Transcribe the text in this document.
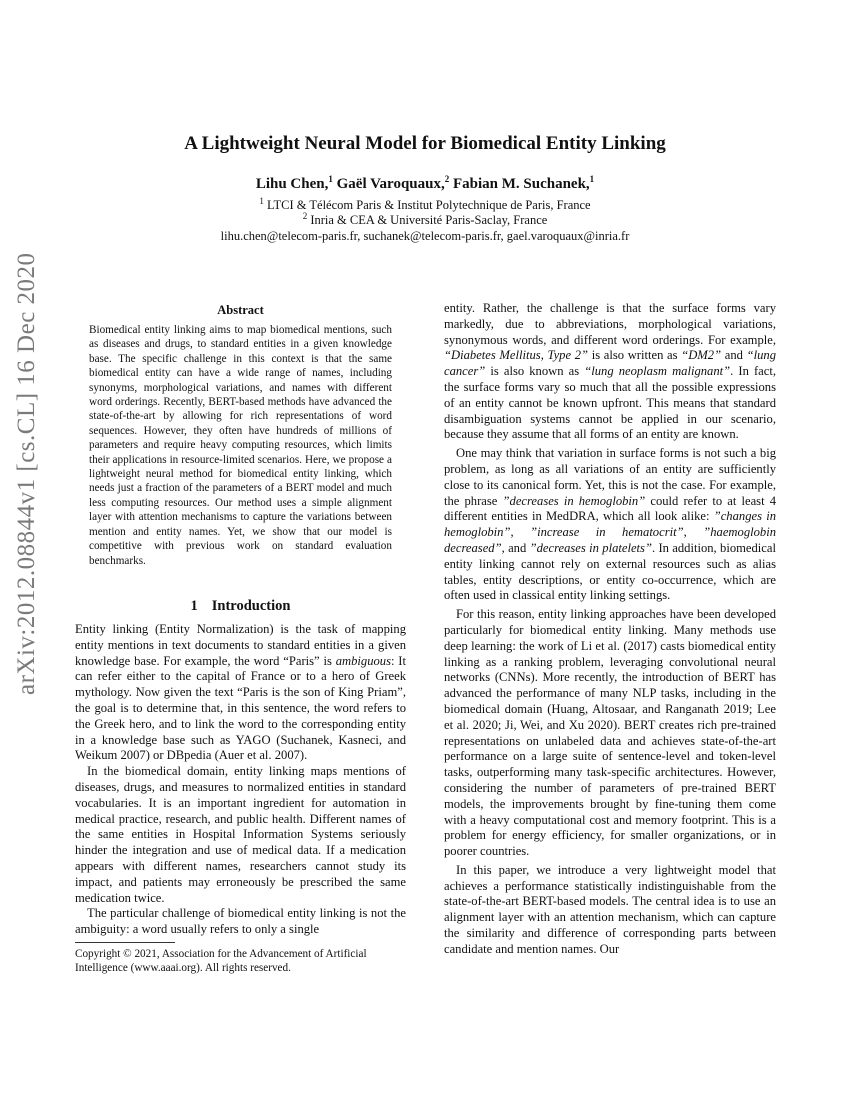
arXiv:2012.08844v1 [cs.CL] 16 Dec 2020
A Lightweight Neural Model for Biomedical Entity Linking
Lihu Chen,$^1$ Gaël Varoquaux,$^2$ Fabian M. Suchanek,$^1$
$^1$ LTCI & Télécom Paris & Institut Polytechnique de Paris, France
$^2$ Inria & CEA & Université Paris-Saclay, France
lihu.chen@telecom-paris.fr, suchanek@telecom-paris.fr, gael.varoquaux@inria.fr
Abstract

Biomedical entity linking aims to map biomedical mentions, such as diseases and drugs, to standard entities in a given knowledge base. The specific challenge in this context is that the same biomedical entity can have a wide range of names, including synonyms, morphological variations, and names with different word orderings. Recently, BERT-based methods have advanced the state-of-the-art by allowing for rich representations of word sequences. However, they often have hundreds of millions of parameters and require heavy computing resources, which limits their applications in resource-limited scenarios. Here, we propose a lightweight neural method for biomedical entity linking, which needs just a fraction of the parameters of a BERT model and much less computing resources. Our method uses a simple alignment layer with attention mechanisms to capture the variations between mention and entity names. Yet, we show that our model is competitive with previous work on standard evaluation benchmarks.

1 Introduction

Entity linking (Entity Normalization) is the task of mapping entity mentions in text documents to standard entities in a given knowledge base. For example, the word “Paris” is ambiguous: It can refer either to the capital of France or to a hero of Greek mythology. Now given the text “Paris is the son of King Priam”, the goal is to determine that, in this sentence, the word refers to the Greek hero, and to link the word to the corresponding entity in a knowledge base such as YAGO (Suchanek, Kasneci, and Weikum 2007) or DBpedia (Auer et al. 2007).

In the biomedical domain, entity linking maps mentions of diseases, drugs, and measures to normalized entities in standard vocabularies. It is an important ingredient for automation in medical practice, research, and public health. Different names of the same entities in Hospital Information Systems seriously hinder the integration and use of medical data. If a medication appears with different names, researchers cannot study its impact, and patients may erroneously be prescribed the same medication twice.

The particular challenge of biomedical entity linking is not the ambiguity: a word usually refers to only a single

Copyright © 2021, Association for the Advancement of Artificial Intelligence (www.aaai.org). All rights reserved.

entity. Rather, the challenge is that the surface forms vary markedly, due to abbreviations, morphological variations, synonymous words, and different word orderings. For example, “Diabetes Mellitus, Type 2” is also written as “DM2” and “lung cancer” is also known as “lung neoplasm malignant”. In fact, the surface forms vary so much that all the possible expressions of an entity cannot be known upfront. This means that standard disambiguation systems cannot be applied in our scenario, because they assume that all forms of an entity are known.

One may think that variation in surface forms is not such a big problem, as long as all variations of an entity are sufficiently close to its canonical form. Yet, this is not the case. For example, the phrase ”decreases in hemoglobin” could refer to at least 4 different entities in MedDRA, which all look alike: ”changes in hemoglobin”, ”increase in hematocrit”, ”haemoglobin decreased”, and ”decreases in platelets”. In addition, biomedical entity linking cannot rely on external resources such as alias tables, entity descriptions, or entity co-occurrence, which are often used in classical entity linking settings.

For this reason, entity linking approaches have been developed particularly for biomedical entity linking. Many methods use deep learning: the work of Li et al. (2017) casts biomedical entity linking as a ranking problem, leveraging convolutional neural networks (CNNs). More recently, the introduction of BERT has advanced the performance of many NLP tasks, including in the biomedical domain (Huang, Altosaar, and Ranganath 2019; Lee et al. 2020; Ji, Wei, and Xu 2020). BERT creates rich pre-trained representations on unlabeled data and achieves state-of-the-art performance on a large suite of sentence-level and token-level tasks, outperforming many task-specific architectures. However, considering the number of parameters of pre-trained BERT models, the improvements brought by fine-tuning them come with a heavy computational cost and memory footprint. This is a problem for energy efficiency, for smaller organizations, or in poorer countries.

In this paper, we introduce a very lightweight model that achieves a performance statistically indistinguishable from the state-of-the-art BERT-based models. The central idea is to use an alignment layer with an attention mechanism, which can capture the similarity and difference of corresponding parts between candidate and mention names. Our
